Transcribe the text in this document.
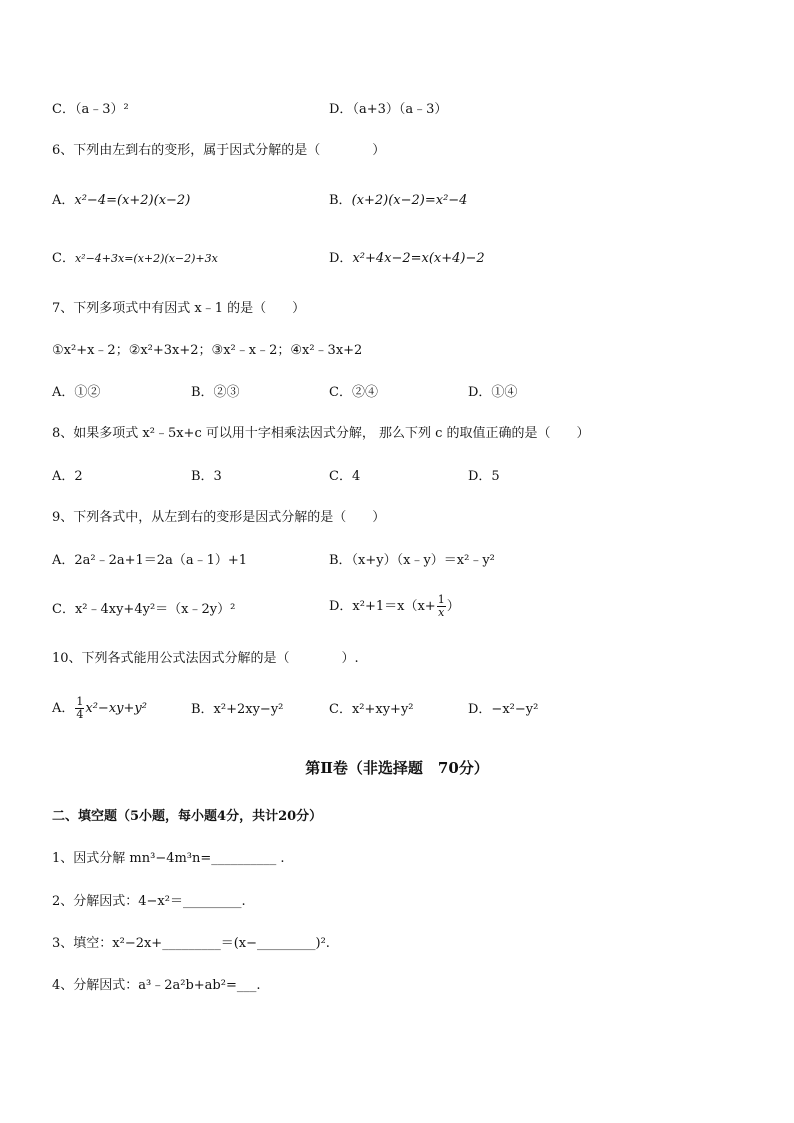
C．（a﹣3）²	D．（a+3）（a﹣3）
6、下列由左到右的变形，属于因式分解的是（　　　　）
A．x²−4=(x+2)(x−2)	B．(x+2)(x−2)=x²−4
C．x²−4+3x=(x+2)(x−2)+3x	D．x²+4x−2=x(x+4)−2
7、下列多项式中有因式 x﹣1 的是（　　）
①x²+x﹣2；②x²+3x+2；③x²﹣x﹣2；④x²﹣3x+2
A．①②	B．②③	C．②④	D．①④
8、如果多项式 x²﹣5x+c 可以用十字相乘法因式分解， 那么下列 c 的取值正确的是（　　）
A．2	B．3	C．4	D．5
9、下列各式中，从左到右的变形是因式分解的是（　　）
A．2a²﹣2a+1＝2a（a﹣1）+1	B．（x+y）（x﹣y）＝x²﹣y²
C．x²﹣4xy+4y²＝（x﹣2y）²	D．$x^2+1=x(x+ \frac{1}{x}$ ）
10、下列各式能用公式法因式分解的是（　　　　）.
A． $\frac{1}{4} x^2-xy+y^2$	B．x²+2xy−y²	C．x²+xy+y²	D．−x²−y²
第Ⅱ卷（非选择题　70分）
二、填空题（5小题，每小题4分，共计20分）
1、因式分解 mn³−4m³n=__________ .
2、分解因式：4−x²＝_________.
3、填空：x²−2x+_________＝(x−_________)².
4、分解因式：a³﹣2a²b+ab²=___.
